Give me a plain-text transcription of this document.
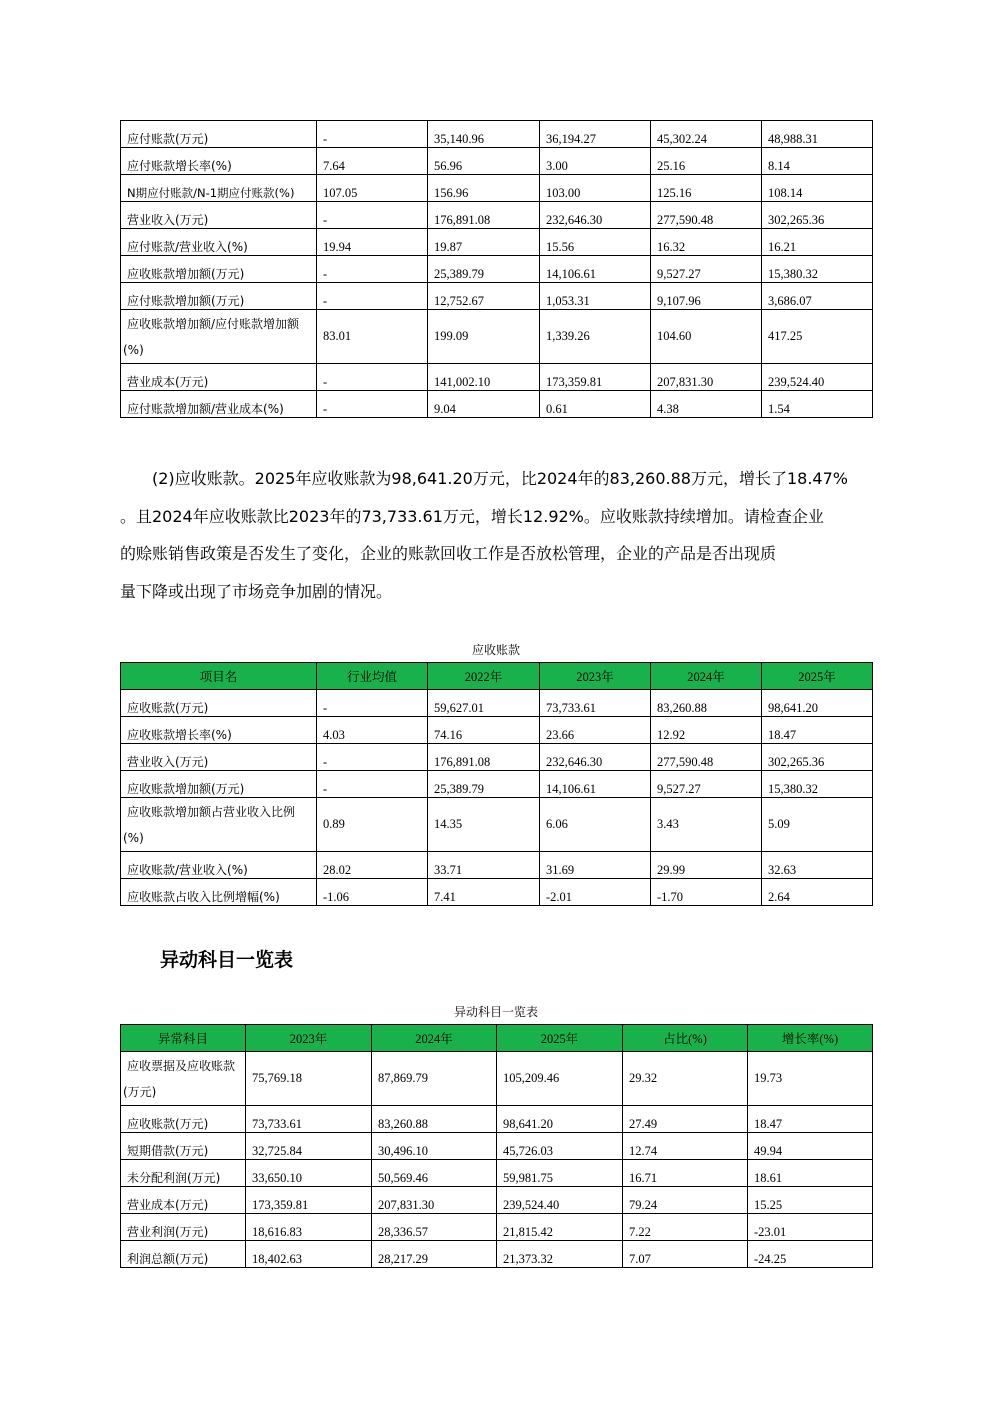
应付账款(万元)	-	35,140.96	36,194.27	45,302.24	48,988.31
应付账款增长率(%)	7.64	56.96	3.00	25.16	8.14
N期应付账款/N-1期应付账款(%)	107.05	156.96	103.00	125.16	108.14
营业收入(万元)	-	176,891.08	232,646.30	277,590.48	302,265.36
应付账款/营业收入(%)	19.94	19.87	15.56	16.32	16.21
应收账款增加额(万元)	-	25,389.79	14,106.61	9,527.27	15,380.32
应付账款增加额(万元)	-	12,752.67	1,053.31	9,107.96	3,686.07

应收账款增加额/应付账款增加额
(%)	83.01	199.09	1,339.26	104.60	417.25
营业成本(万元)	-	141,002.10	173,359.81	207,831.30	239,524.40
应付账款增加额/营业成本(%)	-	9.04	0.61	4.38	1.54
(2)应收账款。2025年应收账款为98,641.20万元，比2024年的83,260.88万元，增长了18.47%
。且2024年应收账款比2023年的73,733.61万元，增长12.92%。应收账款持续增加。请检查企业
的赊账销售政策是否发生了变化，企业的账款回收工作是否放松管理，企业的产品是否出现质
量下降或出现了市场竞争加剧的情况。
应收账款
项目名	行业均值	2022年	2023年	2024年	2025年
应收账款(万元)	-	59,627.01	73,733.61	83,260.88	98,641.20
应收账款增长率(%)	4.03	74.16	23.66	12.92	18.47
营业收入(万元)	-	176,891.08	232,646.30	277,590.48	302,265.36
应收账款增加额(万元)	-	25,389.79	14,106.61	9,527.27	15,380.32

应收账款增加额占营业收入比例
(%)	0.89	14.35	6.06	3.43	5.09
应收账款/营业收入(%)	28.02	33.71	31.69	29.99	32.63
应收账款占收入比例增幅(%)	-1.06	7.41	-2.01	-1.70	2.64
异动科目一览表
异动科目一览表
异常科目	2023年	2024年	2025年	占比(%)	增长率(%)

应收票据及应收账款
(万元)	75,769.18	87,869.79	105,209.46	29.32	19.73
应收账款(万元)	73,733.61	83,260.88	98,641.20	27.49	18.47
短期借款(万元)	32,725.84	30,496.10	45,726.03	12.74	49.94
未分配利润(万元)	33,650.10	50,569.46	59,981.75	16.71	18.61
营业成本(万元)	173,359.81	207,831.30	239,524.40	79.24	15.25
营业利润(万元)	18,616.83	28,336.57	21,815.42	7.22	-23.01
利润总额(万元)	18,402.63	28,217.29	21,373.32	7.07	-24.25
